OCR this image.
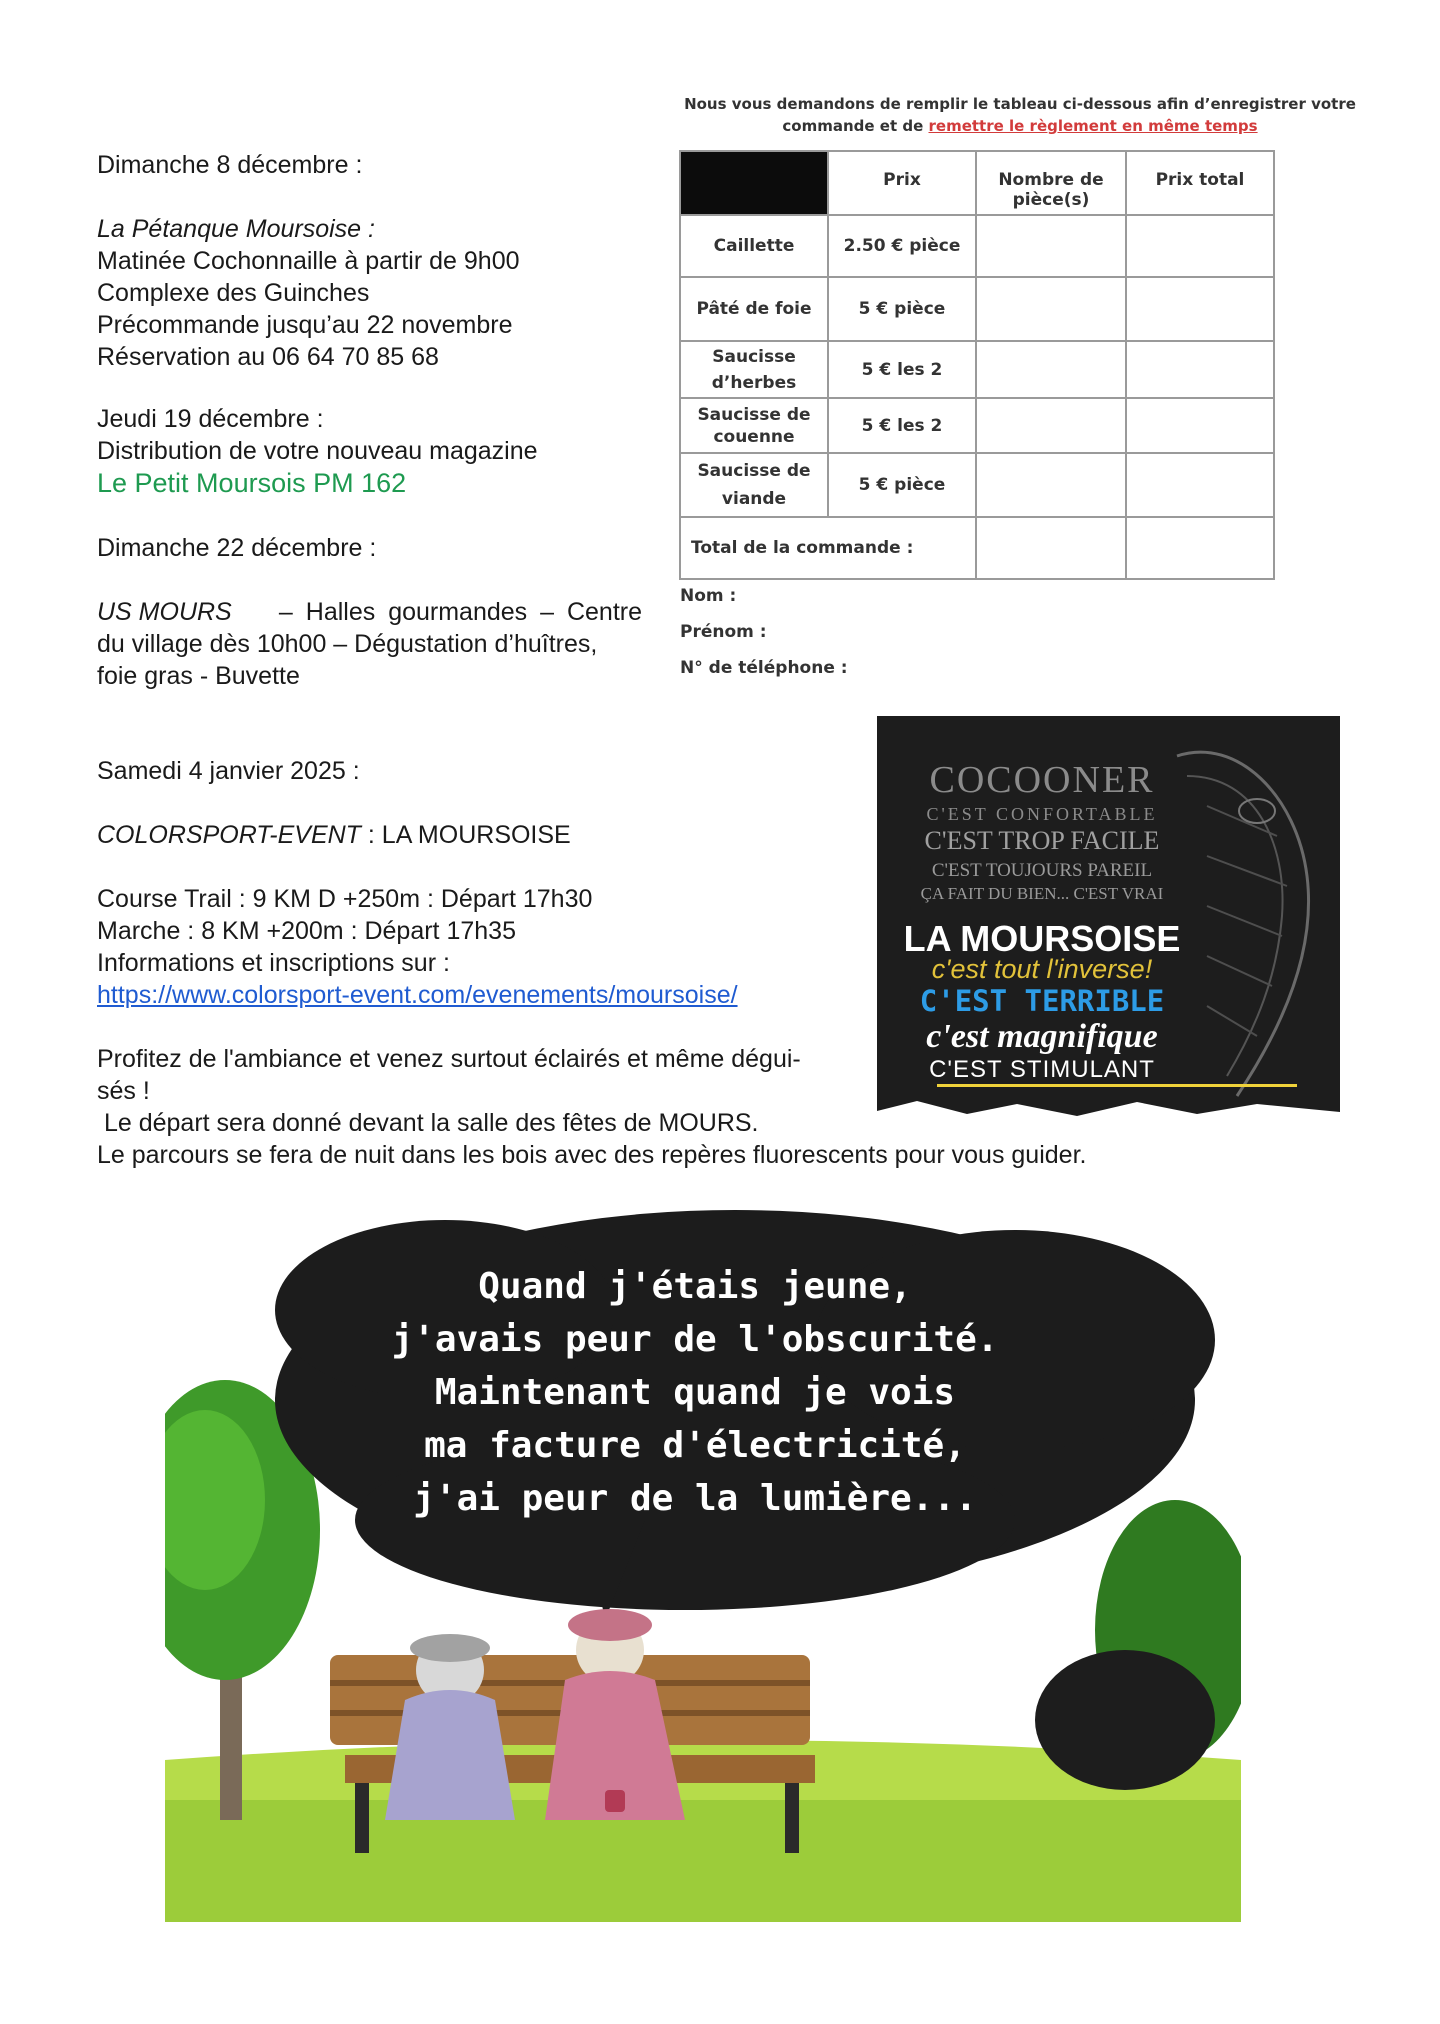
Dimanche 8 décembre :
La Pétanque Moursoise :
Matinée Cochonnaille à partir de 9h00
Complexe des Guinches
Précommande jusqu’au 22 novembre
Réservation au 06 64 70 85 68
Jeudi 19 décembre :
Distribution de votre nouveau magazine
Le Petit Moursois PM 162
Dimanche 22 décembre :
US MOURS – Halles gourmandes – Centre
du village dès 10h00 – Dégustation d’huîtres,
foie gras - Buvette
Samedi 4 janvier 2025 :
COLORSPORT-EVENT : LA MOURSOISE
Course Trail : 9 KM D +250m : Départ 17h30
Marche : 8 KM +200m : Départ 17h35
Informations et inscriptions sur :
https://www.colorsport-event.com/evenements/moursoise/
Profitez de l'ambiance et venez surtout éclairés et même dégui-
sés !
Le départ sera donné devant la salle des fêtes de MOURS.
Le parcours se fera de nuit dans les bois avec des repères fluorescents pour vous guider.
Nous vous demandons de remplir le tableau ci-dessous afin d’enregistrer votre
commande et de remettre le règlement en même temps
	Prix	Nombre de pièce(s)	Prix total
Caillette	2.50 € pièce		
Pâté de foie	5 € pièce		
Saucisse d’herbes	5 € les 2		
Saucisse de couenne	5 € les 2		
Saucisse de viande	5 € pièce		
Total de la commande :			
Nom :
Prénom :
N° de téléphone :
COCOONER
C'EST CONFORTABLE
C'EST TROP FACILE
C'EST TOUJOURS PAREIL
ÇA FAIT DU BIEN... C'EST VRAI
LA MOURSOISE
c'est tout l'inverse!
C'EST TERRIBLE
c'est magnifique
C'EST STIMULANT
Quand j'étais jeune,
j'avais peur de l'obscurité.
Maintenant quand je vois
ma facture d'électricité,
j'ai peur de la lumière...
